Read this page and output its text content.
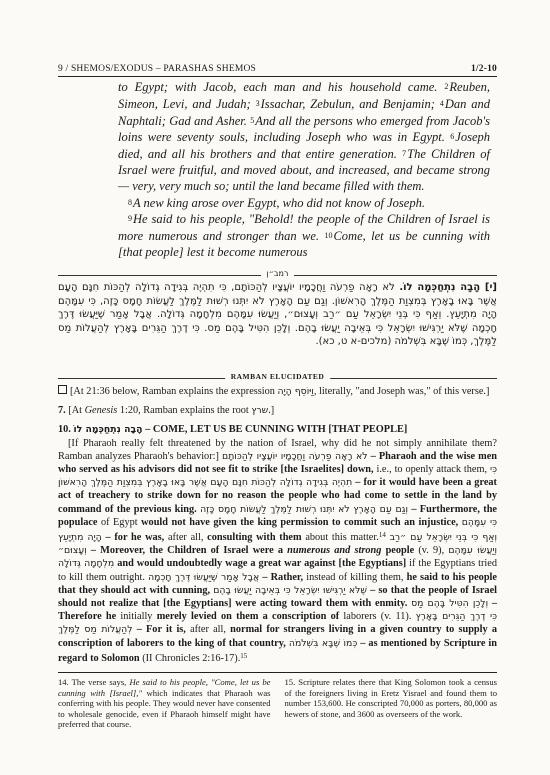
9 / SHEMOS/EXODUS – PARASHAS SHEMOS	1/2-10

to Egypt; with Jacob, each man and his household came. 2Reuben, Simeon, Levi, and Judah; 3Issachar, Zebulun, and Benjamin; 4Dan and Naphtali; Gad and Asher. 5And all the persons who emerged from Jacob's loins were seventy souls, including Joseph who was in Egypt. 6Joseph died, and all his brothers and that entire generation. 7The Children of Israel were fruitful, and moved about, and increased, and became strong — very, very much so; until the land became filled with them.

8A new king arose over Egypt, who did not know of Joseph.

9He said to his people, "Behold! the people of the Children of Israel is more numerous and stronger than we. 10Come, let us be cunning with [that people] lest it become numerous

רמב״ן
[י] הָבָה נִתְחַכְּמָה לוֹ. לֹא רָאָה פַרְעֹה וַחֲכָמָיו יוֹעֲצָיו לְהַכּוֹתָם, כִּי תִהְיֶה בְּגִידָה גְדוֹלָה לְהַכּוֹת חִנָּם הָעָם אֲשֶׁר בָּאוּ בָאָרֶץ בְּמִצְוַת הַמֶּלֶךְ הָרִאשׁוֹן. וְגַם עַם הָאָרֶץ לֹא יִתְּנוּ רְשׁוּת לַמֶּלֶךְ לַעֲשׂוֹת חָמָס כָּזֶה, כִּי עִמָּהֶם הָיָה מִתְיָעֵץ. וְאַף כִּי בְּנֵי יִשְׂרָאֵל עַם ״רַב וְעָצוּם״, וְיַעֲשׂוּ עִמָּהֶם מִלְחָמָה גְּדוֹלָה. אֲבָל אָמַר שֶׁיַּעֲשׂוּ דֶּרֶךְ חָכְמָה שֶׁלֹּא יַרְגִּישׁוּ יִשְׂרָאֵל כִּי בְּאֵיבָה יַעֲשׂוּ בָהֶם. וְלָכֵן הִטִּיל בָּהֶם מַס. כִּי דֶרֶךְ הַגֵּרִים בָּאָרֶץ לְהַעֲלוֹת מַס לַמֶּלֶךְ, כְּמוֹ שֶׁבָּא בִּשְׁלֹמֹה (מלכים-א ט, כא).
RAMBAN ELUCIDATED

[At 21:36 below, Ramban explains the expression וַיּוֹסֵף הָיָה, literally, "and Joseph was," of this verse.]

7. [At Genesis 1:20, Ramban explains the root שרץ.]

10. הָבָה נִתְחַכְּמָה לוֹ – COME, LET US BE CUNNING WITH [THAT PEOPLE]

[If Pharaoh really felt threatened by the nation of Israel, why did he not simply annihilate them? Ramban analyzes Pharaoh's behavior:] לֹא רָאָה פַרְעֹה וַחֲכָמָיו יוֹעֲצָיו לְהַכּוֹתָם – Pharaoh and the wise men who served as his advisors did not see fit to strike [the Israelites] down, i.e., to openly attack them, כִּי תִהְיֶה בְּגִידָה גְדוֹלָה לְהַכּוֹת חִנָּם הָעָם אֲשֶׁר בָּאוּ בָאָרֶץ בְּמִצְוַת הַמֶּלֶךְ הָרִאשׁוֹן – for it would have been a great act of treachery to strike down for no reason the people who had come to settle in the land by command of the previous king. וְגַם עַם הָאָרֶץ לֹא יִתְּנוּ רְשׁוּת לַמֶּלֶךְ לַעֲשׂוֹת חָמָס כָּזֶה – Furthermore, the populace of Egypt would not have given the king permission to commit such an injustice, כִּי עִמָּהֶם הָיָה מִתְיָעֵץ – for he was, after all, consulting with them about this matter.$^{14}$ וְאַף כִּי בְּנֵי יִשְׂרָאֵל עַם ״רַב וְעָצוּם״ – Moreover, the Children of Israel were a numerous and strong people (v. 9), וְיַעֲשׂוּ עִמָּהֶם מִלְחָמָה גְּדוֹלָה and would undoubtedly wage a great war against [the Egyptians] if the Egyptians tried to kill them outright. אֲבָל אָמַר שֶׁיַּעֲשׂוּ דֶּרֶךְ חָכְמָה – Rather, instead of killing them, he said to his people that they should act with cunning, שֶׁלֹּא יַרְגִּישׁוּ יִשְׂרָאֵל כִּי בְּאֵיבָה יַעֲשׂוּ בָהֶם – so that the people of Israel should not realize that [the Egyptians] were acting toward them with enmity. וְלָכֵן הִטִּיל בָּהֶם מַס – Therefore he initially merely levied on them a conscription of laborers (v. 11). כִּי דֶרֶךְ הַגֵּרִים בָּאָרֶץ לְהַעֲלוֹת מַס לַמֶּלֶךְ – For it is, after all, normal for strangers living in a given country to supply a conscription of laborers to the king of that country, כְּמוֹ שֶׁבָּא בִּשְׁלֹמֹה – as mentioned by Scripture in regard to Solomon (II Chronicles 2:16-17).$^{15}$

14. The verse says, He said to his people, "Come, let us be cunning with [Israel]," which indicates that Pharaoh was conferring with his people. They would never have consented to wholesale genocide, even if Pharaoh himself might have preferred that course.
15. Scripture relates there that King Solomon took a census of the foreigners living in Eretz Yisrael and found them to number 153,600. He conscripted 70,000 as porters, 80,000 as hewers of stone, and 3600 as overseers of the work.
